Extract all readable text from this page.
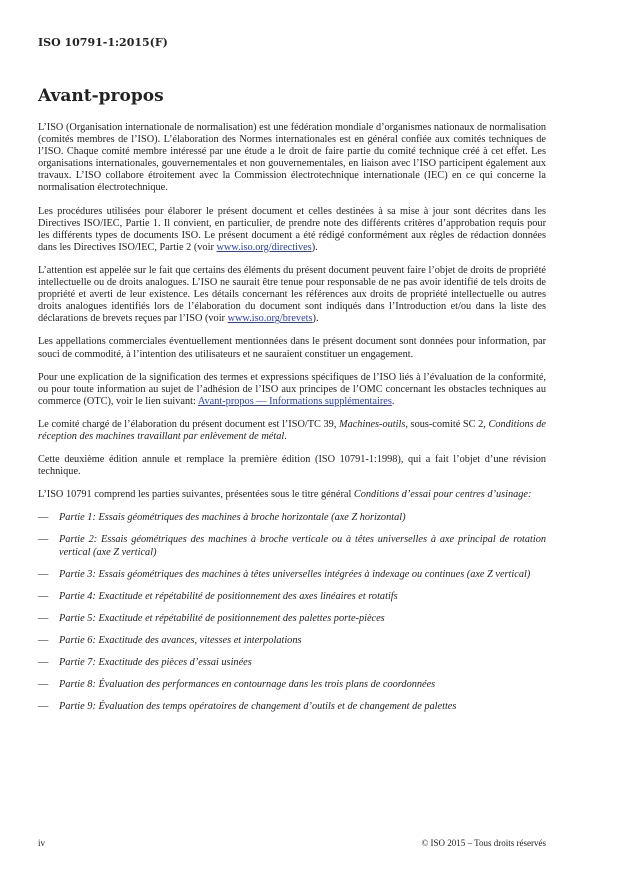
ISO 10791-1:2015(F)
Avant-propos

L’ISO (Organisation internationale de normalisation) est une fédération mondiale d’organismes nationaux de normalisation (comités membres de l’ISO). L’élaboration des Normes internationales est en général confiée aux comités techniques de l’ISO. Chaque comité membre intéressé par une étude a le droit de faire partie du comité technique créé à cet effet. Les organisations internationales, gouvernementales et non gouvernementales, en liaison avec l’ISO participent également aux travaux. L’ISO collabore étroitement avec la Commission électrotechnique internationale (IEC) en ce qui concerne la normalisation électrotechnique.

Les procédures utilisées pour élaborer le présent document et celles destinées à sa mise à jour sont décrites dans les Directives ISO/IEC, Partie 1. Il convient, en particulier, de prendre note des différents critères d’approbation requis pour les différents types de documents ISO. Le présent document a été rédigé conformément aux règles de rédaction données dans les Directives ISO/IEC, Partie 2 (voir www.iso.org/directives).

L’attention est appelée sur le fait que certains des éléments du présent document peuvent faire l’objet de droits de propriété intellectuelle ou de droits analogues. L’ISO ne saurait être tenue pour responsable de ne pas avoir identifié de tels droits de propriété et averti de leur existence. Les détails concernant les références aux droits de propriété intellectuelle ou autres droits analogues identifiés lors de l’élaboration du document sont indiqués dans l’Introduction et/ou dans la liste des déclarations de brevets reçues par l’ISO (voir www.iso.org/brevets).

Les appellations commerciales éventuellement mentionnées dans le présent document sont données pour information, par souci de commodité, à l’intention des utilisateurs et ne sauraient constituer un engagement.

Pour une explication de la signification des termes et expressions spécifiques de l’ISO liés à l’évaluation de la conformité, ou pour toute information au sujet de l’adhésion de l’ISO aux principes de l’OMC concernant les obstacles techniques au commerce (OTC), voir le lien suivant: Avant-propos — Informations supplémentaires.

Le comité chargé de l’élaboration du présent document est l’ISO/TC 39, Machines-outils, sous-comité SC 2, Conditions de réception des machines travaillant par enlèvement de métal.

Cette deuxième édition annule et remplace la première édition (ISO 10791-1:1998), qui a fait l’objet d’une révision technique.

L’ISO 10791 comprend les parties suivantes, présentées sous le titre général Conditions d’essai pour centres d’usinage:

— Partie 1: Essais géométriques des machines à broche horizontale (axe Z horizontal)
— Partie 2: Essais géométriques des machines à broche verticale ou à têtes universelles à axe principal de rotation vertical (axe Z vertical)
— Partie 3: Essais géométriques des machines à têtes universelles intégrées à indexage ou continues (axe Z vertical)
— Partie 4: Exactitude et répétabilité de positionnement des axes linéaires et rotatifs
— Partie 5: Exactitude et répétabilité de positionnement des palettes porte-pièces
— Partie 6: Exactitude des avances, vitesses et interpolations
— Partie 7: Exactitude des pièces d’essai usinées
— Partie 8: Évaluation des performances en contournage dans les trois plans de coordonnées
— Partie 9: Évaluation des temps opératoires de changement d’outils et de changement de palettes
iv	© ISO 2015 – Tous droits réservés
